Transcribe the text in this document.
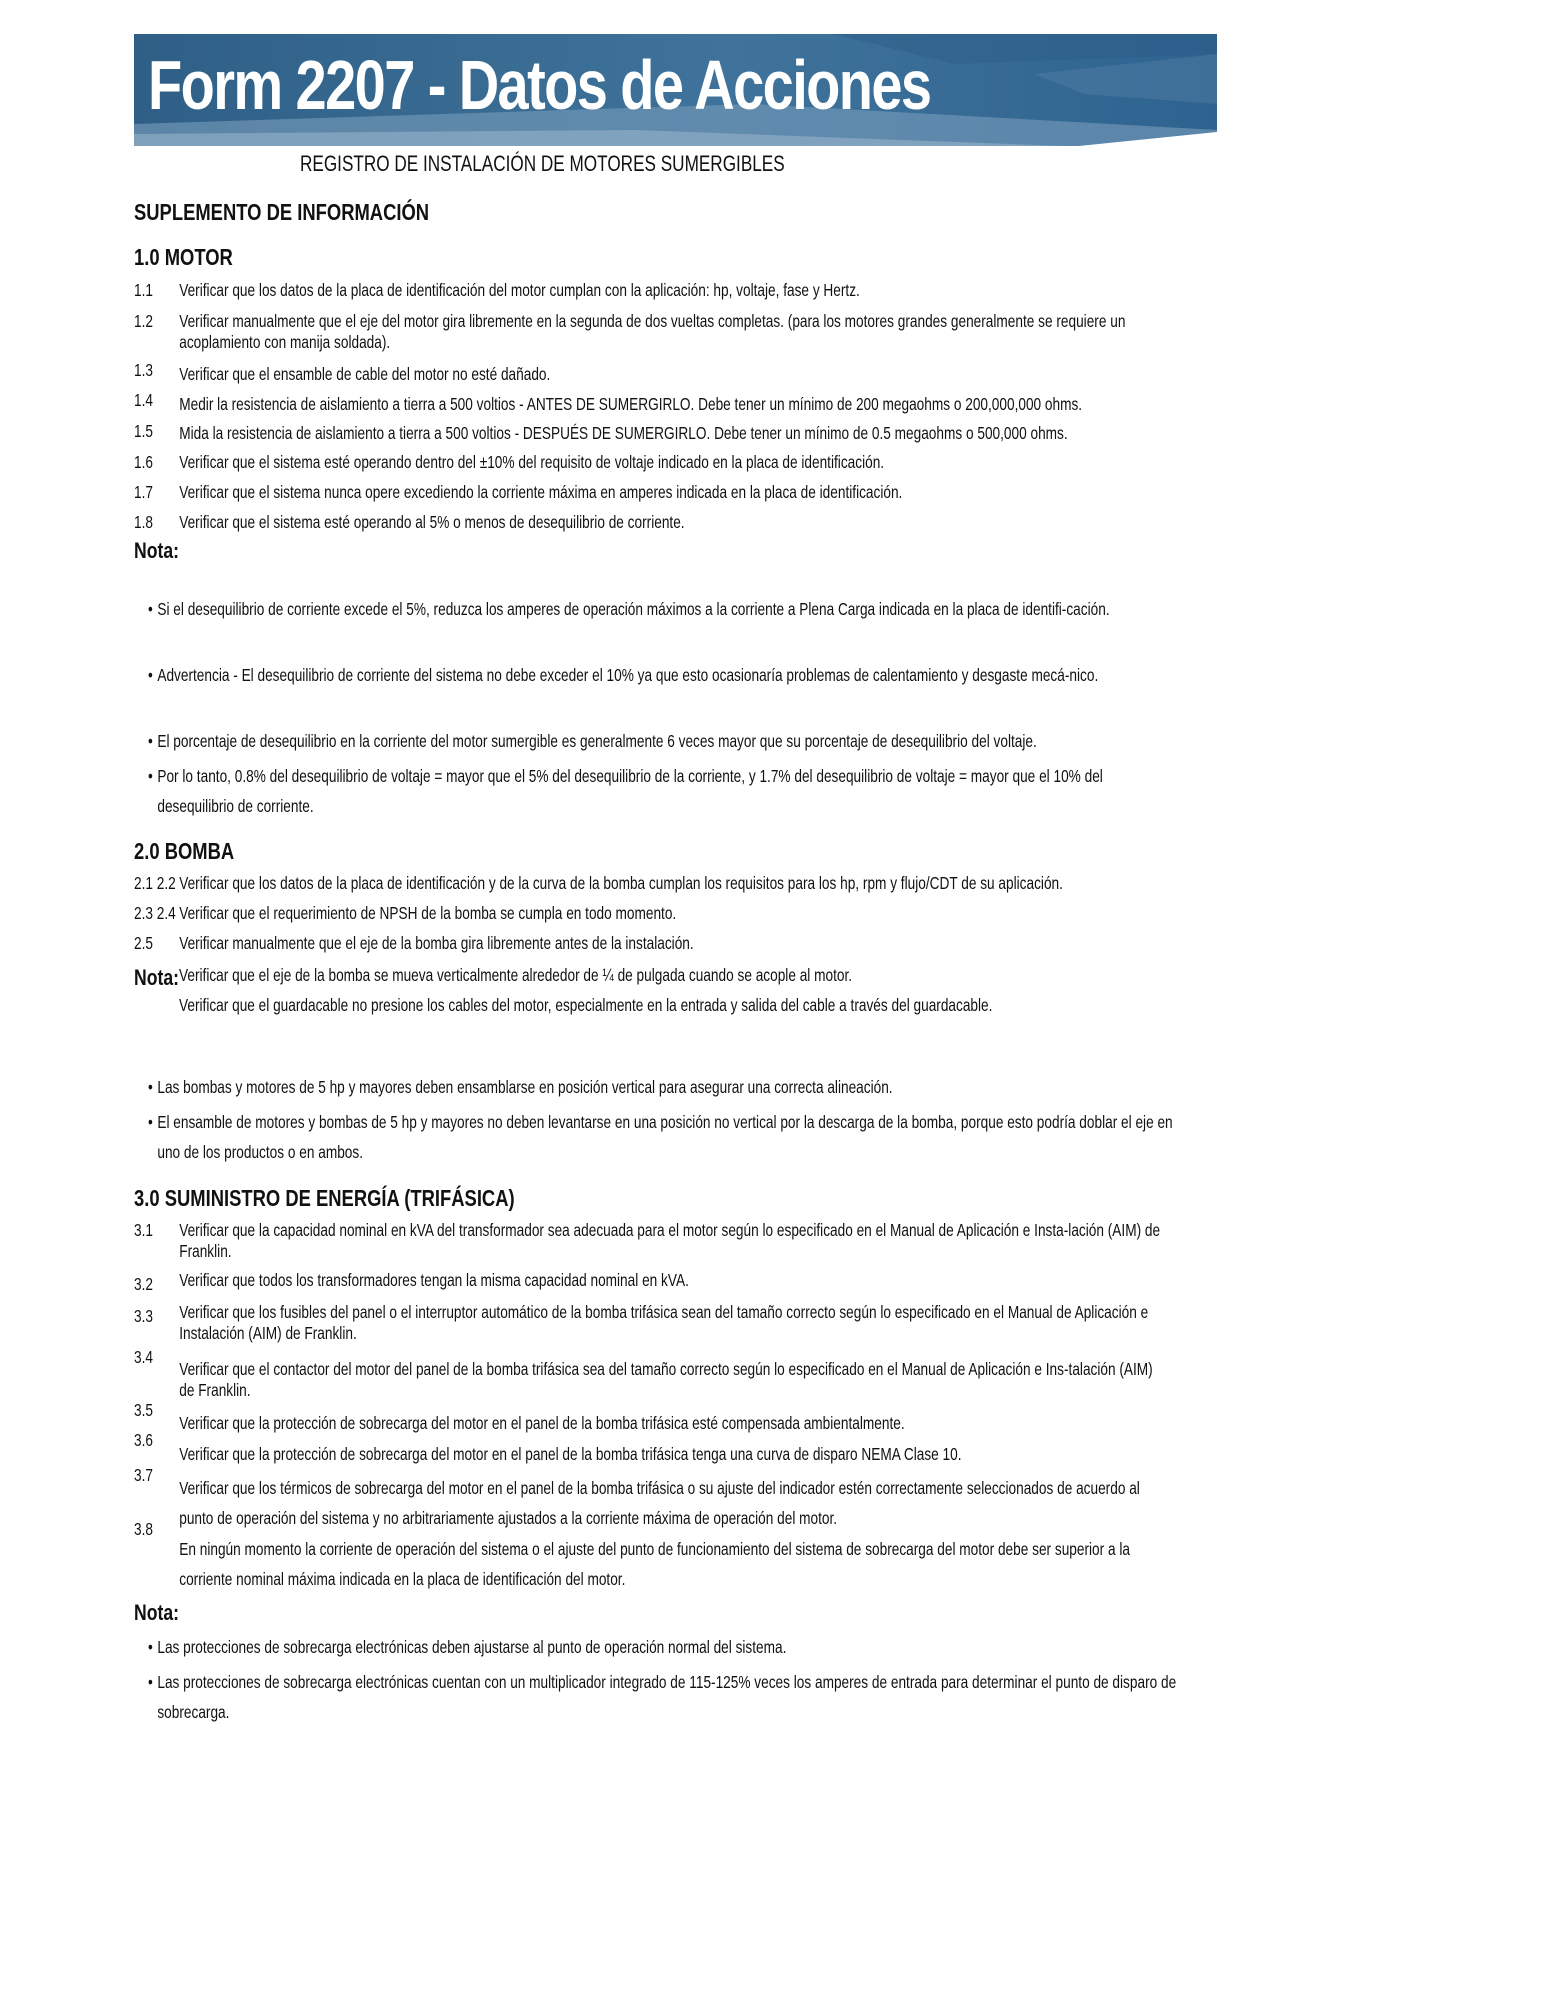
Form 2207 - Datos de Acciones
REGISTRO DE INSTALACIÓN DE MOTORES SUMERGIBLES
SUPLEMENTO DE INFORMACIÓN
1.0 MOTOR
1.1 Verificar que los datos de la placa de identificación del motor cumplan con la aplicación: hp, voltaje, fase y Hertz.
1.2 Verificar manualmente que el eje del motor gira libremente en la segunda de dos vueltas completas. (para los motores grandes generalmente se requiere un acoplamiento con manija soldada).
1.3 Verificar que el ensamble de cable del motor no esté dañado.
1.4 Medir la resistencia de aislamiento a tierra a 500 voltios - ANTES DE SUMERGIRLO. Debe tener un mínimo de 200 megaohms o 200,000,000 ohms.
1.5 Mida la resistencia de aislamiento a tierra a 500 voltios - DESPUÉS DE SUMERGIRLO. Debe tener un mínimo de 0.5 megaohms o 500,000 ohms.
1.6 Verificar que el sistema esté operando dentro del ±10% del requisito de voltaje indicado en la placa de identificación.
1.7 Verificar que el sistema nunca opere excediendo la corriente máxima en amperes indicada en la placa de identificación.
1.8 Verificar que el sistema esté operando al 5% o menos de desequilibrio de corriente.
Nota:
• Si el desequilibrio de corriente excede el 5%, reduzca los amperes de operación máximos a la corriente a Plena Carga indicada en la placa de identifi-cación.
• Advertencia - El desequilibrio de corriente del sistema no debe exceder el 10% ya que esto ocasionaría problemas de calentamiento y desgaste mecá-nico.
• El porcentaje de desequilibrio en la corriente del motor sumergible es generalmente 6 veces mayor que su porcentaje de desequilibrio del voltaje.
• Por lo tanto, 0.8% del desequilibrio de voltaje = mayor que el 5% del desequilibrio de la corriente, y 1.7% del desequilibrio de voltaje = mayor que el 10% del desequilibrio de corriente.
2.0 BOMBA
2.1 2.2 Verificar que los datos de la placa de identificación y de la curva de la bomba cumplan los requisitos para los hp, rpm y flujo/CDT de su aplicación.
2.3 2.4 Verificar que el requerimiento de NPSH de la bomba se cumpla en todo momento.
2.5 Verificar manualmente que el eje de la bomba gira libremente antes de la instalación.
Nota: Verificar que el eje de la bomba se mueva verticalmente alrededor de ¼ de pulgada cuando se acople al motor.
Verificar que el guardacable no presione los cables del motor, especialmente en la entrada y salida del cable a través del guardacable.
• Las bombas y motores de 5 hp y mayores deben ensamblarse en posición vertical para asegurar una correcta alineación.
• El ensamble de motores y bombas de 5 hp y mayores no deben levantarse en una posición no vertical por la descarga de la bomba, porque esto podría doblar el eje en uno de los productos o en ambos.
3.0 SUMINISTRO DE ENERGÍA (TRIFÁSICA)
3.1 Verificar que la capacidad nominal en kVA del transformador sea adecuada para el motor según lo especificado en el Manual de Aplicación e Insta-lación (AIM) de Franklin.
3.2 Verificar que todos los transformadores tengan la misma capacidad nominal en kVA.
3.3 Verificar que los fusibles del panel o el interruptor automático de la bomba trifásica sean del tamaño correcto según lo especificado en el Manual de Aplicación e Instalación (AIM) de Franklin.
3.4
Verificar que el contactor del motor del panel de la bomba trifásica sea del tamaño correcto según lo especificado en el Manual de Aplicación e Ins-talación (AIM) de Franklin.
3.5
Verificar que la protección de sobrecarga del motor en el panel de la bomba trifásica esté compensada ambientalmente.
3.6
Verificar que la protección de sobrecarga del motor en el panel de la bomba trifásica tenga una curva de disparo NEMA Clase 10.
3.7
Verificar que los térmicos de sobrecarga del motor en el panel de la bomba trifásica o su ajuste del indicador estén correctamente seleccionados de acuerdo al punto de operación del sistema y no arbitrariamente ajustados a la corriente máxima de operación del motor.
3.8
En ningún momento la corriente de operación del sistema o el ajuste del punto de funcionamiento del sistema de sobrecarga del motor debe ser superior a la corriente nominal máxima indicada en la placa de identificación del motor.
Nota:
• Las protecciones de sobrecarga electrónicas deben ajustarse al punto de operación normal del sistema.
• Las protecciones de sobrecarga electrónicas cuentan con un multiplicador integrado de 115-125% veces los amperes de entrada para determinar el punto de disparo de sobrecarga.
